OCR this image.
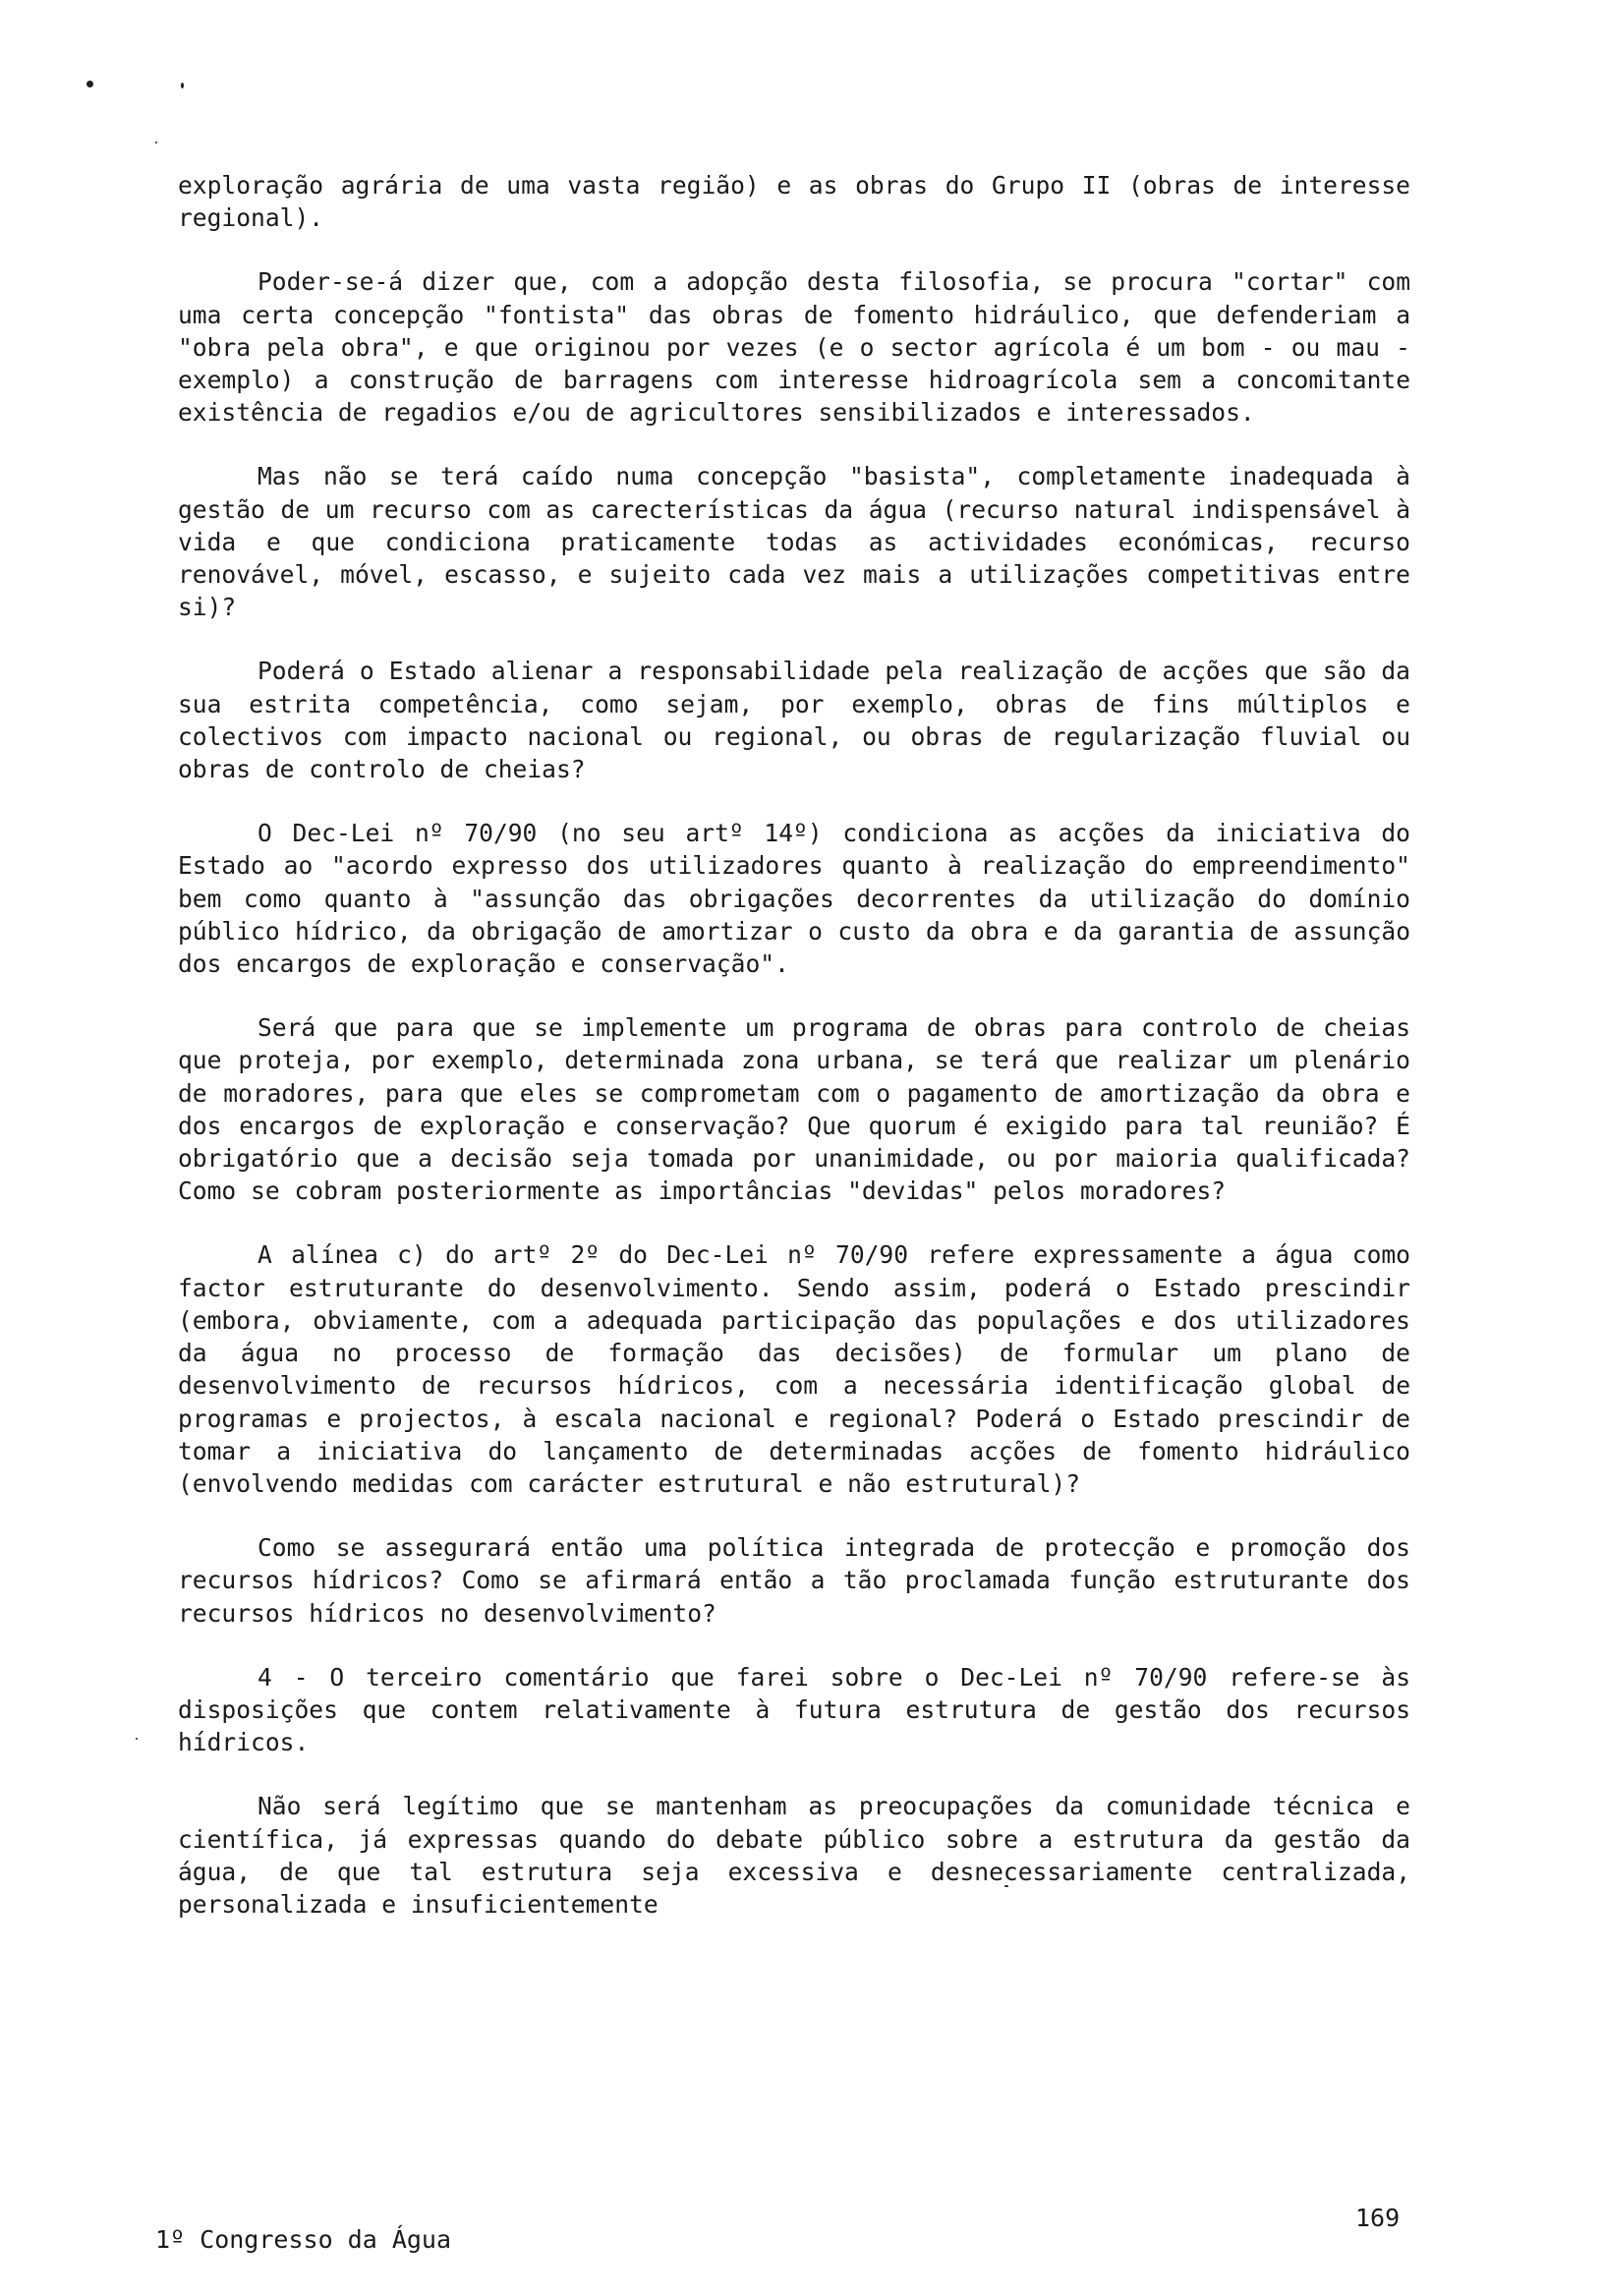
exploração agrária de uma vasta região) e as obras do Grupo II (obras de interesse regional).

Poder-se-á dizer que, com a adopção desta filosofia, se procura "cortar" com uma certa concepção "fontista" das obras de fomento hidráulico, que defenderiam a "obra pela obra", e que originou por vezes (e o sector agrícola é um bom - ou mau - exemplo) a construção de barragens com interesse hidroagrícola sem a concomitante existência de regadios e/ou de agricultores sensibilizados e interessados.

Mas não se terá caído numa concepção "basista", completamente inadequada à gestão de um recurso com as carecterísticas da água (recurso natural indispensável à vida e que condiciona praticamente todas as actividades económicas, recurso renovável, móvel, escasso, e sujeito cada vez mais a utilizações competitivas entre si)?

Poderá o Estado alienar a responsabilidade pela realização de acções que são da sua estrita competência, como sejam, por exemplo, obras de fins múltiplos e colectivos com impacto nacional ou regional, ou obras de regularização fluvial ou obras de controlo de cheias?

O Dec-Lei nº 70/90 (no seu artº 14º) condiciona as acções da iniciativa do Estado ao "acordo expresso dos utilizadores quanto à realização do empreendimento" bem como quanto à "assunção das obrigações decorrentes da utilização do domínio público hídrico, da obrigação de amortizar o custo da obra e da garantia de assunção dos encargos de exploração e conservação".

Será que para que se implemente um programa de obras para controlo de cheias que proteja, por exemplo, determinada zona urbana, se terá que realizar um plenário de moradores, para que eles se comprometam com o pagamento de amortização da obra e dos encargos de exploração e conservação? Que quorum é exigido para tal reunião? É obrigatório que a decisão seja tomada por unanimidade, ou por maioria qualificada? Como se cobram posteriormente as importâncias "devidas" pelos moradores?

A alínea c) do artº 2º do Dec-Lei nº 70/90 refere expressamente a água como factor estruturante do desenvolvimento. Sendo assim, poderá o Estado prescindir (embora, obviamente, com a adequada participação das populações e dos utilizadores da água no processo de formação das decisões) de formular um plano de desenvolvimento de recursos hídricos, com a necessária identificação global de programas e projectos, à escala nacional e regional? Poderá o Estado prescindir de tomar a iniciativa do lançamento de determinadas acções de fomento hidráulico (envolvendo medidas com carácter estrutural e não estrutural)?

Como se assegurará então uma política integrada de protecção e promoção dos recursos hídricos? Como se afirmará então a tão proclamada função estruturante dos recursos hídricos no desenvolvimento?

4 - O terceiro comentário que farei sobre o Dec-Lei nº 70/90 refere-se às disposições que contem relativamente à futura estrutura de gestão dos recursos hídricos.

Não será legítimo que se mantenham as preocupações da comunidade técnica e científica, já expressas quando do debate público sobre a estrutura da gestão da água, de que tal estrutura seja excessiva e desnecessariamente centralizada, personalizada e insuficientemente

1º Congresso da Água
169
